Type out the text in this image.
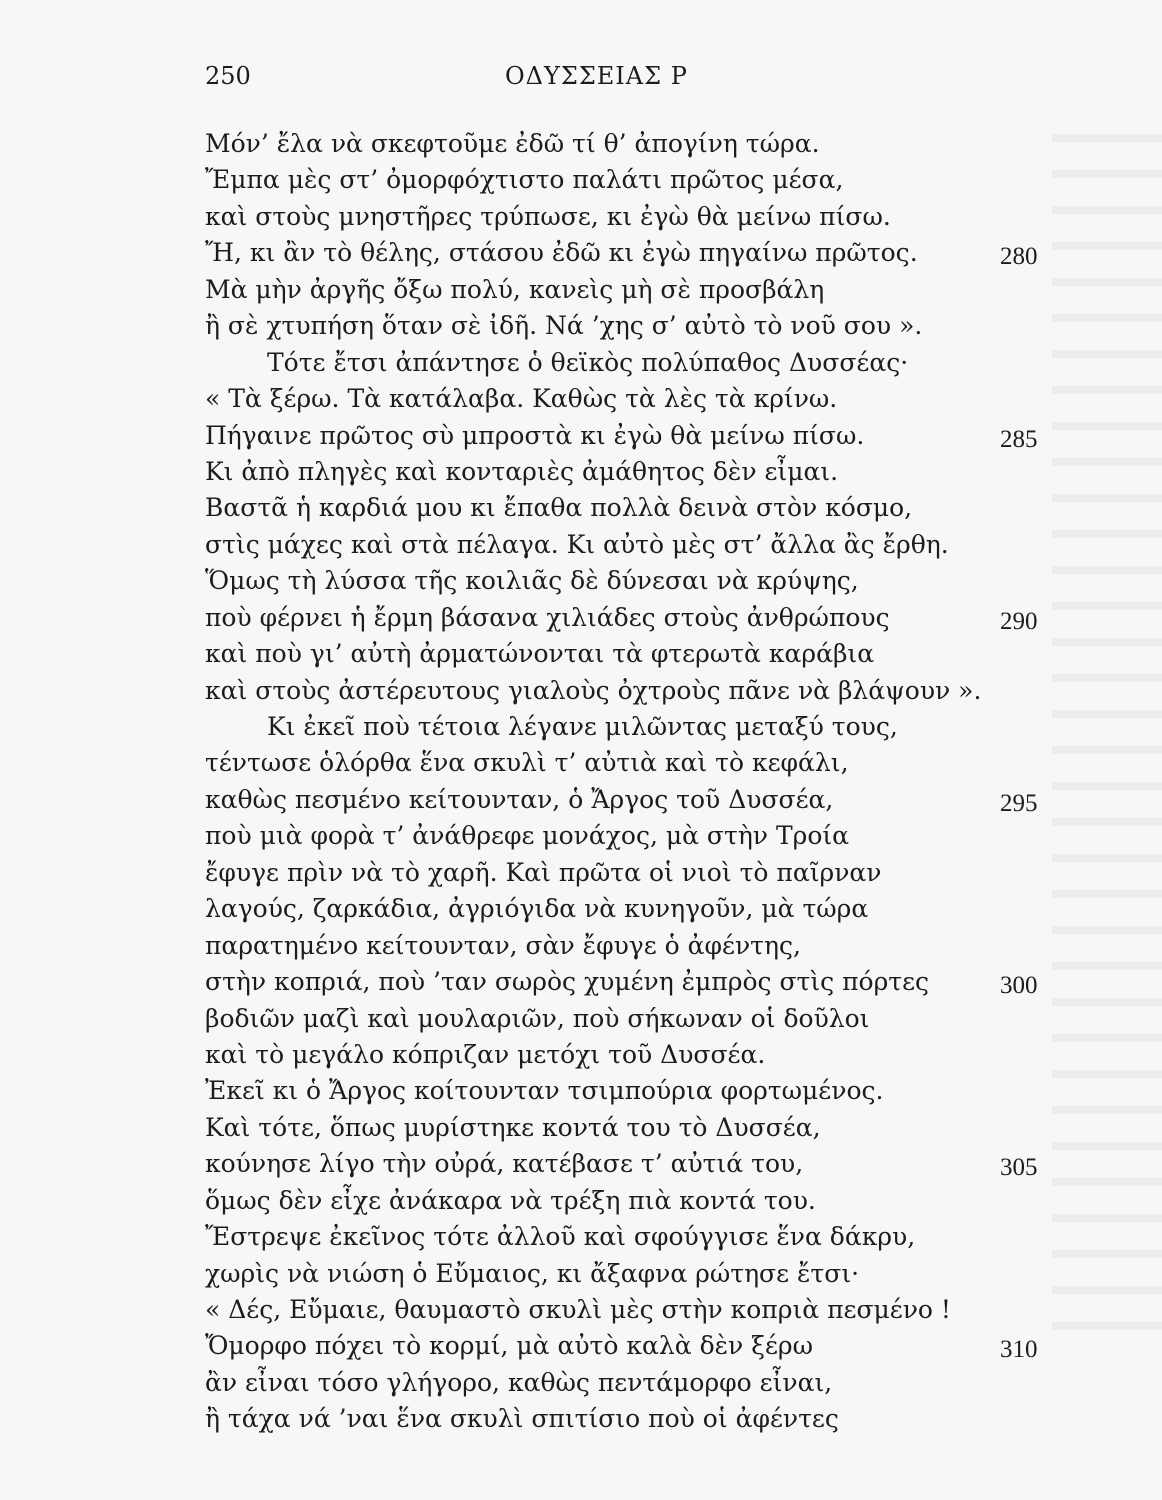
250	ΟΔΥΣΣΕΙΑΣ Ρ
Μόν’ ἔλα νὰ σκεφτοῦμε ἐδῶ τί θ’ ἀπογίνη τώρα.
Ἔμπα μὲς στ’ ὀμορφόχτιστο παλάτι πρῶτος μέσα,
καὶ στοὺς μνηστῆρες τρύπωσε, κι ἐγὼ θὰ μείνω πίσω.
Ἤ, κι ἂν τὸ θέλης, στάσου ἐδῶ κι ἐγὼ πηγαίνω πρῶτος.	280
Μὰ μὴν ἀργῆς ὄξω πολύ, κανεὶς μὴ σὲ προσβάλη
ἢ σὲ χτυπήση ὅταν σὲ ἰδῆ. Νά ’χης σ’ αὐτὸ τὸ νοῦ σου ».
Τότε ἔτσι ἀπάντησε ὁ θεϊκὸς πολύπαθος Δυσσέας·
« Τὰ ξέρω. Τὰ κατάλαβα. Καθὼς τὰ λὲς τὰ κρίνω.
Πήγαινε πρῶτος σὺ μπροστὰ κι ἐγὼ θὰ μείνω πίσω.	285
Κι ἀπὸ πληγὲς καὶ κονταριὲς ἀμάθητος δὲν εἶμαι.
Βαστᾶ ἡ καρδιά μου κι ἔπαθα πολλὰ δεινὰ στὸν κόσμο,
στὶς μάχες καὶ στὰ πέλαγα. Κι αὐτὸ μὲς στ’ ἄλλα ἂς ἔρθη.
Ὅμως τὴ λύσσα τῆς κοιλιᾶς δὲ δύνεσαι νὰ κρύψης,
ποὺ φέρνει ἡ ἔρμη βάσανα χιλιάδες στοὺς ἀνθρώπους	290
καὶ ποὺ γι’ αὐτὴ ἀρματώνονται τὰ φτερωτὰ καράβια
καὶ στοὺς ἀστέρευτους γιαλοὺς ὀχτροὺς πᾶνε νὰ βλάψουν ».
Κι ἐκεῖ ποὺ τέτοια λέγανε μιλῶντας μεταξύ τους,
τέντωσε ὁλόρθα ἕνα σκυλὶ τ’ αὐτιὰ καὶ τὸ κεφάλι,
καθὼς πεσμένο κείτουνταν, ὁ Ἄργος τοῦ Δυσσέα,	295
ποὺ μιὰ φορὰ τ’ ἀνάθρεφε μονάχος, μὰ στὴν Τροία
ἔφυγε πρὶν νὰ τὸ χαρῆ. Καὶ πρῶτα οἱ νιοὶ τὸ παῖρναν
λαγούς, ζαρκάδια, ἀγριόγιδα νὰ κυνηγοῦν, μὰ τώρα
παρατημένο κείτουνταν, σὰν ἔφυγε ὁ ἀφέντης,
στὴν κοπριά, ποὺ ’ταν σωρὸς χυμένη ἐμπρὸς στὶς πόρτες	300
βοδιῶν μαζὶ καὶ μουλαριῶν, ποὺ σήκωναν οἱ δοῦλοι
καὶ τὸ μεγάλο κόπριζαν μετόχι τοῦ Δυσσέα.
Ἐκεῖ κι ὁ Ἄργος κοίτουνταν τσιμπούρια φορτωμένος.
Καὶ τότε, ὅπως μυρίστηκε κοντά του τὸ Δυσσέα,
κούνησε λίγο τὴν οὐρά, κατέβασε τ’ αὐτιά του,	305
ὅμως δὲν εἶχε ἀνάκαρα νὰ τρέξη πιὰ κοντά του.
Ἔστρεψε ἐκεῖνος τότε ἀλλοῦ καὶ σφούγγισε ἕνα δάκρυ,
χωρὶς νὰ νιώση ὁ Εὔμαιος, κι ἄξαφνα ρώτησε ἔτσι·
« Δές, Εὔμαιε, θαυμαστὸ σκυλὶ μὲς στὴν κοπριὰ πεσμένο !
Ὄμορφο πόχει τὸ κορμί, μὰ αὐτὸ καλὰ δὲν ξέρω	310
ἂν εἶναι τόσο γλήγορο, καθὼς πεντάμορφο εἶναι,
ἢ τάχα νά ’ναι ἕνα σκυλὶ σπιτίσιο ποὺ οἱ ἀφέντες
